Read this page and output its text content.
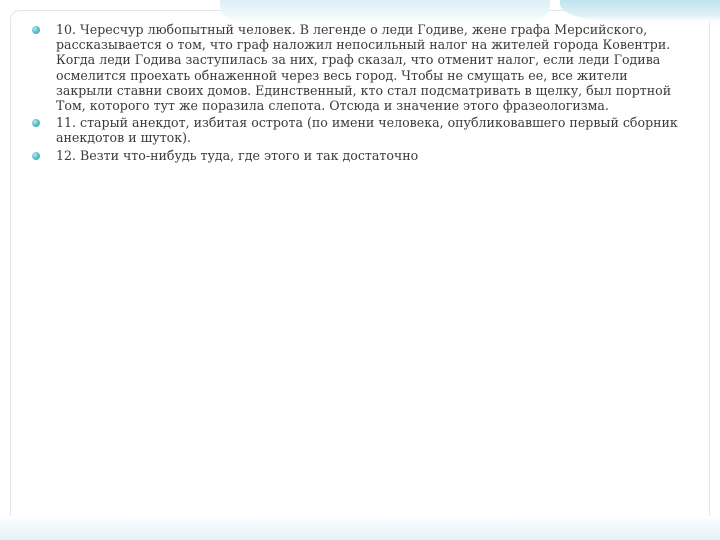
10. Чересчур любопытный человек. В легенде о леди Годиве, жене графа Мерсийского, рассказывается о том, что граф наложил непосильный налог на жителей города Ковентри. Когда леди Годива заступилась за них, граф сказал, что отменит налог, если леди Годива осмелится проехать обнаженной через весь город. Чтобы не смущать ее, все жители закрыли ставни своих домов. Единственный, кто стал подсматривать в щелку, был портной Том, которого тут же поразила слепота. Отсюда и значение этого фразеологизма.
11. старый анекдот, избитая острота (по имени человека, опубликовавшего первый сборник анекдотов и шуток).
12. Везти что-нибудь туда, где этого и так достаточно
